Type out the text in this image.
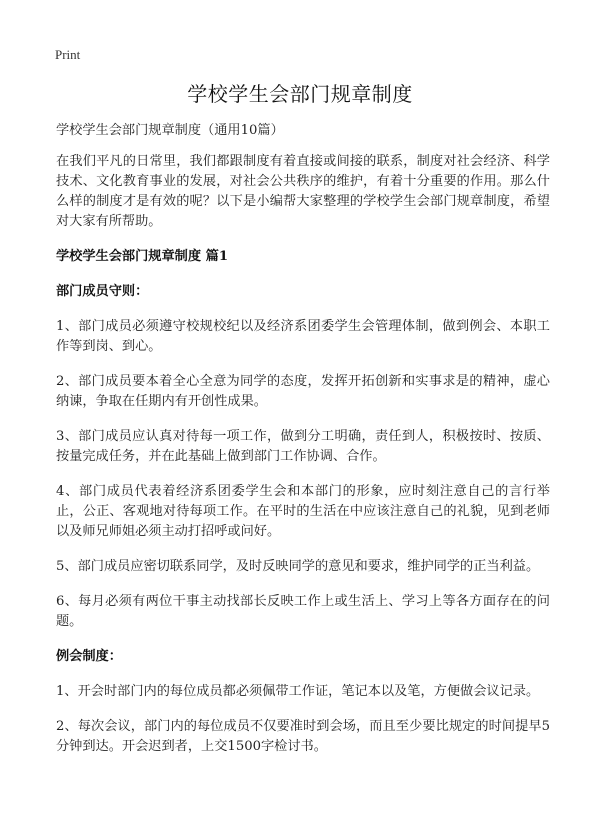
Print
学校学生会部门规章制度

学校学生会部门规章制度（通用10篇）

在我们平凡的日常里，我们都跟制度有着直接或间接的联系，制度对社会经济、科学技术、文化教育事业的发展，对社会公共秩序的维护，有着十分重要的作用。那么什么样的制度才是有效的呢？以下是小编帮大家整理的学校学生会部门规章制度，希望对大家有所帮助。

学校学生会部门规章制度 篇1

部门成员守则：

1、部门成员必须遵守校规校纪以及经济系团委学生会管理体制，做到例会、本职工作等到岗、到心。

2、部门成员要本着全心全意为同学的态度，发挥开拓创新和实事求是的精神，虚心纳谏，争取在任期内有开创性成果。

3、部门成员应认真对待每一项工作，做到分工明确，责任到人，积极按时、按质、按量完成任务，并在此基础上做到部门工作协调、合作。

4、部门成员代表着经济系团委学生会和本部门的形象，应时刻注意自己的言行举止，公正、客观地对待每项工作。在平时的生活在中应该注意自己的礼貌，见到老师以及师兄师姐必须主动打招呼或问好。

5、部门成员应密切联系同学，及时反映同学的意见和要求，维护同学的正当利益。

6、每月必须有两位干事主动找部长反映工作上或生活上、学习上等各方面存在的问题。

例会制度：

1、开会时部门内的每位成员都必须佩带工作证，笔记本以及笔，方便做会议记录。

2、每次会议，部门内的每位成员不仅要准时到会场，而且至少要比规定的时间提早5分钟到达。开会迟到者，上交1500字检讨书。
